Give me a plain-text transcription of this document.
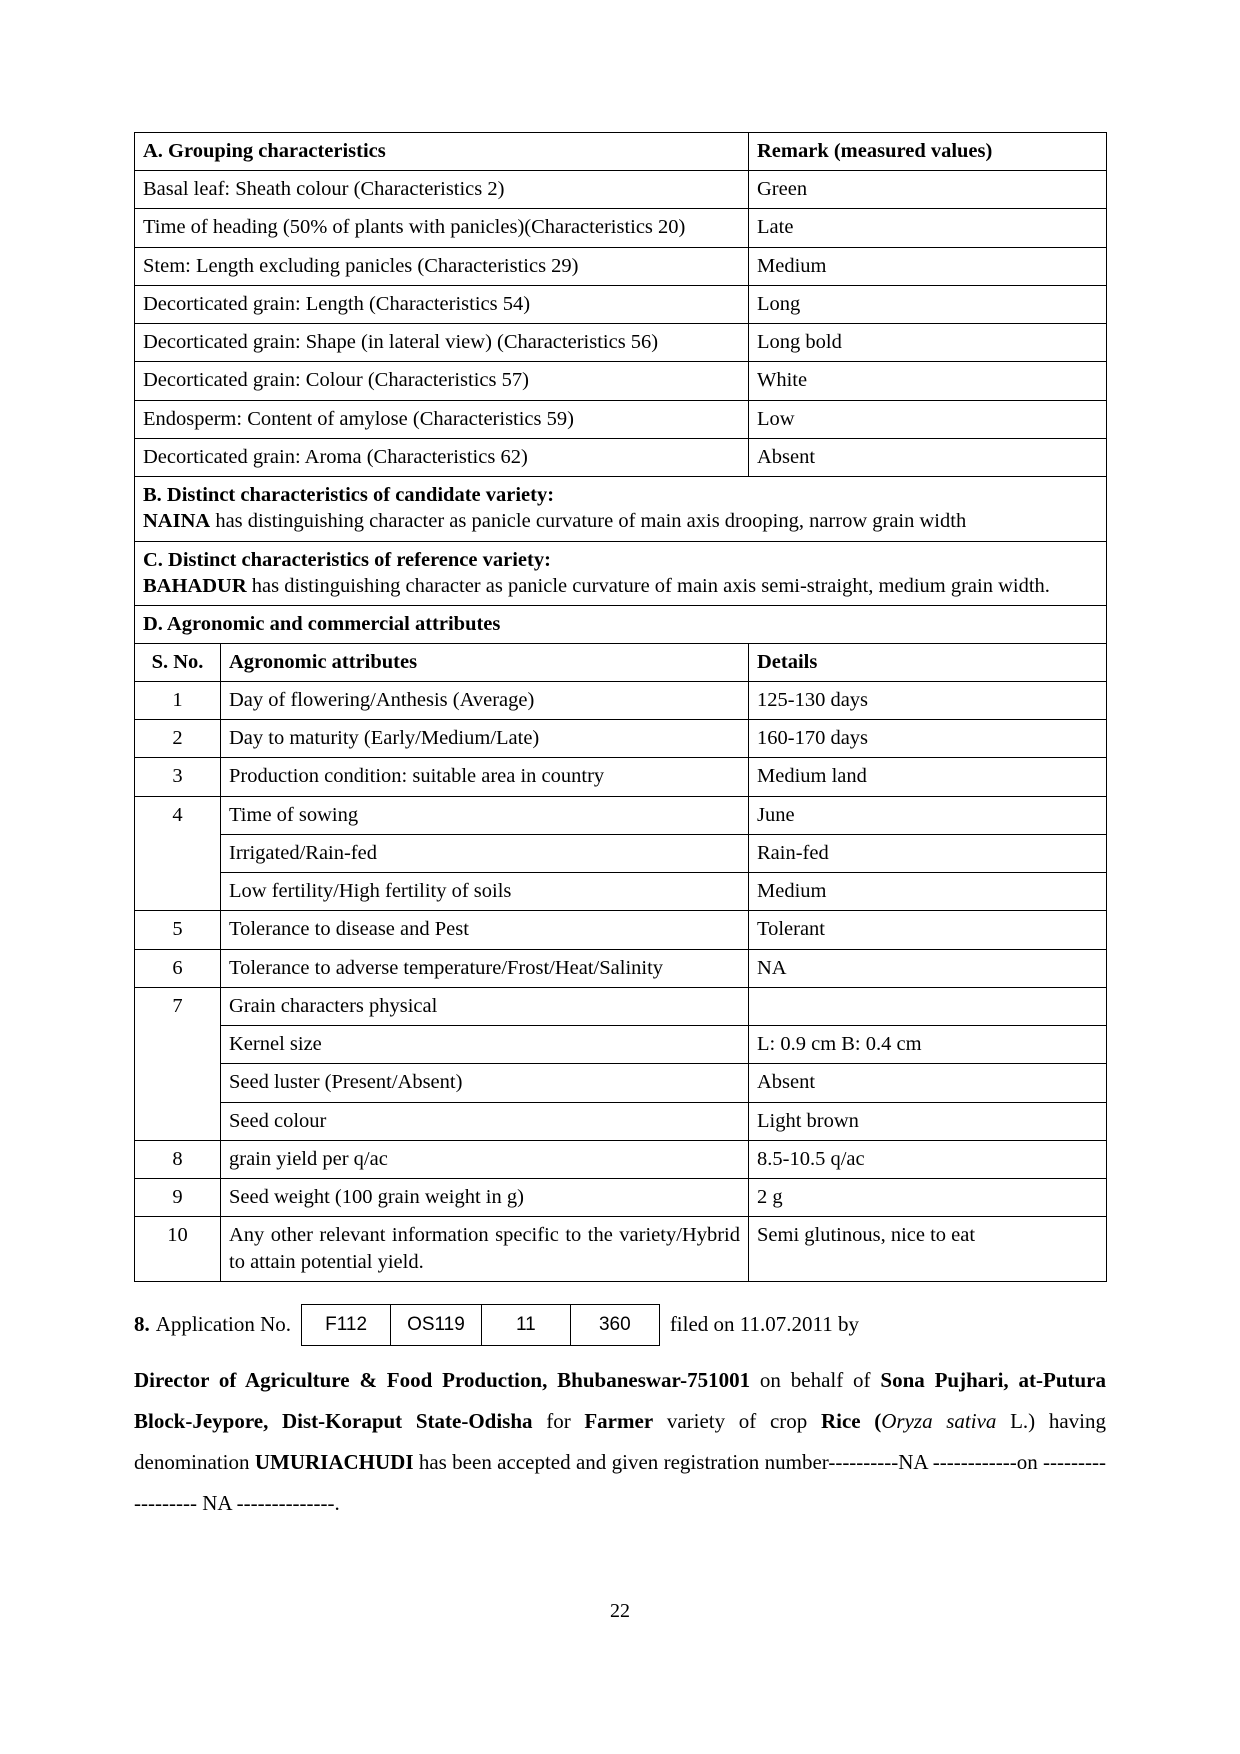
A. Grouping characteristics	Remark (measured values)
Basal leaf: Sheath colour (Characteristics 2)	Green
Time of heading (50% of plants with panicles)(Characteristics 20)	Late
Stem: Length excluding panicles (Characteristics 29)	Medium
Decorticated grain: Length (Characteristics 54)	Long
Decorticated grain: Shape (in lateral view) (Characteristics 56)	Long bold
Decorticated grain: Colour (Characteristics 57)	White
Endosperm: Content of amylose (Characteristics 59)	Low
Decorticated grain: Aroma (Characteristics 62)	Absent

B. Distinct characteristics of candidate variety:
NAINA has distinguishing character as panicle curvature of main axis drooping, narrow grain width	

C. Distinct characteristics of reference variety:
BAHADUR has distinguishing character as panicle curvature of main axis semi-straight, medium grain width.	

D. Agronomic and commercial attributes	
S. No.	Agronomic attributes	Details
1	Day of flowering/Anthesis (Average)	125-130 days
2	Day to maturity (Early/Medium/Late)	160-170 days
3	Production condition: suitable area in country	Medium land
4	Time of sowing	June
	Irrigated/Rain-fed	Rain-fed
	Low fertility/High fertility of soils	Medium
5	Tolerance to disease and Pest	Tolerant
6	Tolerance to adverse temperature/Frost/Heat/Salinity	NA
7	Grain characters physical	
	Kernel size	L: 0.9 cm B: 0.4 cm
	Seed luster (Present/Absent)	Absent
	Seed colour	Light brown
8	grain yield per q/ac	8.5-10.5 q/ac
9	Seed weight (100 grain weight in g)	2 g
10	Any other relevant information specific to the variety/Hybrid to attain potential yield.	Semi glutinous, nice to eat
8. Application No.	F112	OS119	11	360	filed on 11.07.2011 by
Director of Agriculture & Food Production, Bhubaneswar-751001 on behalf of Sona Pujhari, at-Putura Block-Jeypore, Dist-Koraput State-Odisha for Farmer variety of crop Rice (Oryza sativa L.) having denomination UMURIACHUDI has been accepted and given registration number----------NA ------------on ------------------ NA --------------.
22
